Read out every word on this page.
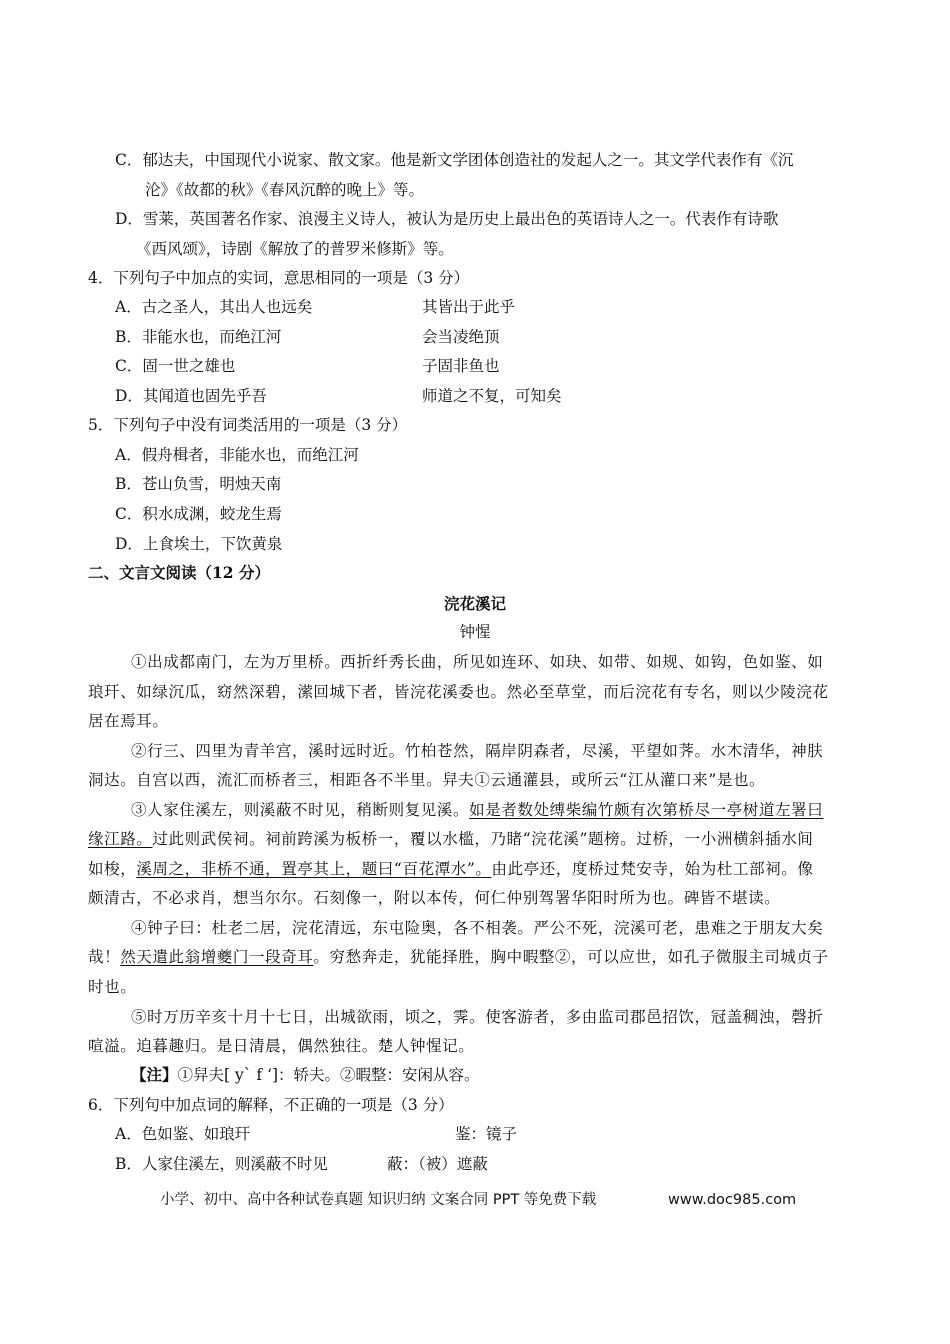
C．郁达夫，中国现代小说家、散文家。他是新文学团体创造社的发起人之一。其文学代表作有《沉
沦》《故都的秋》《春风沉醉的晚上》等。
D．雪莱，英国著名作家、浪漫主义诗人，被认为是历史上最出色的英语诗人之一。代表作有诗歌
《西风颂》，诗剧《解放了的普罗米修斯》等。
4．下列句子中加点的实词，意思相同的一项是（3 分）
A．古之圣人，其出人也远矣	其皆出于此乎
B．非能水也，而绝江河	会当凌绝顶
C．固一世之雄也	子固非鱼也
D．其闻道也固先乎吾	师道之不复，可知矣
5．下列句子中没有词类活用的一项是（3 分）
A．假舟楫者，非能水也，而绝江河
B．苍山负雪，明烛天南
C．积水成渊，蛟龙生焉
D．上食埃土，下饮黄泉
二、文言文阅读（12 分）
浣花溪记
钟惺
①出成都南门，左为万里桥。西折纤秀长曲，所见如连环、如玦、如带、如规、如钩，色如鉴、如
琅玕、如绿沉瓜，窈然深碧，潆回城下者，皆浣花溪委也。然必至草堂，而后浣花有专名，则以少陵浣花
居在焉耳。
②行三、四里为青羊宫，溪时远时近。竹柏苍然，隔岸阴森者，尽溪，平望如荠。水木清华，神肤
洞达。自宫以西，流汇而桥者三，相距各不半里。舁夫①云通灌县，或所云“江从灌口来”是也。
③人家住溪左，则溪蔽不时见，稍断则复见溪。如是者数处缚柴编竹颇有次第桥尽一亭树道左署曰
缘江路。过此则武侯祠。祠前跨溪为板桥一，覆以水槛，乃睹“浣花溪”题榜。过桥，一小洲横斜插水间
如梭，溪周之，非桥不通，置亭其上，题曰“百花潭水”。由此亭还，度桥过梵安寺，始为杜工部祠。像
颇清古，不必求肖，想当尔尔。石刻像一，附以本传，何仁仲别驾署华阳时所为也。碑皆不堪读。
④钟子曰：杜老二居，浣花清远，东屯险奥，各不相袭。严公不死，浣溪可老，患难之于朋友大矣
哉！然天遣此翁增夔门一段奇耳。穷愁奔走，犹能择胜，胸中暇整②，可以应世，如孔子微服主司城贞子
时也。
⑤时万历辛亥十月十七日，出城欲雨，顷之，霁。使客游者，多由监司郡邑招饮，冠盖稠浊，磬折
喧溢。迫暮趣归。是日清晨，偶然独往。楚人钟惺记。
【注】①舁夫[ y` f ‘]：轿夫。②暇整：安闲从容。
6．下列句中加点词的解释，不正确的一项是（3 分）
A．色如鉴、如琅玕	鉴：镜子
B．人家住溪左，则溪蔽不时见	蔽：（被）遮蔽
小学、初中、高中各种试卷真题 知识归纳 文案合同 PPT 等免费下载	www.doc985.com
